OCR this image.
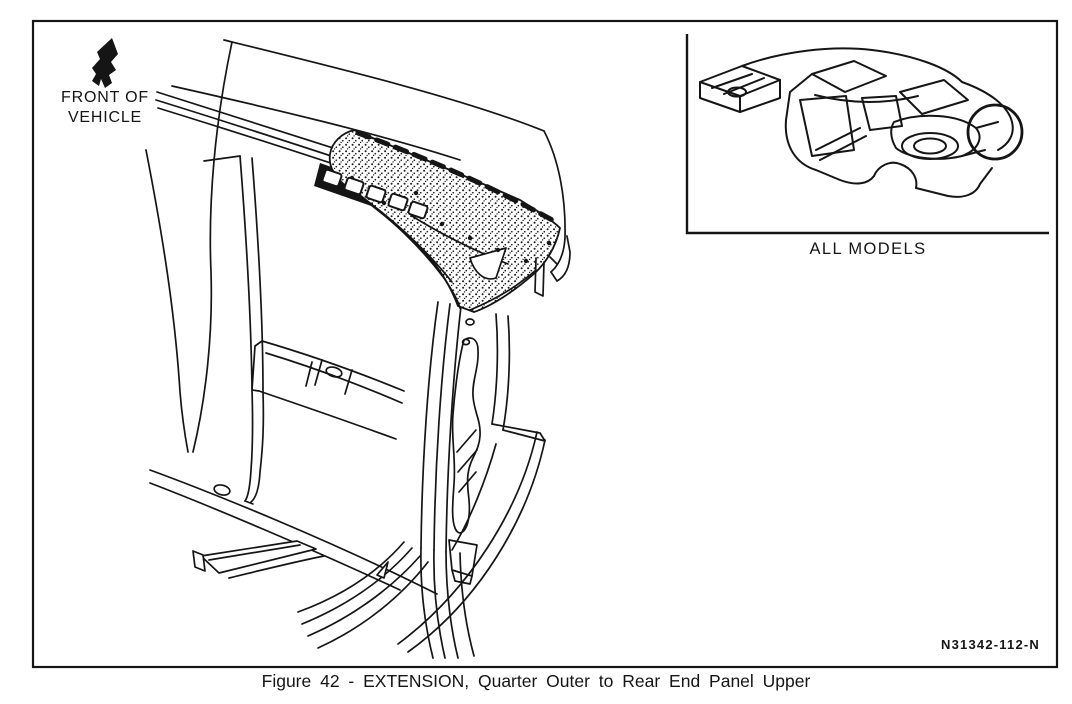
FRONT OF
VEHICLE
ALL MODELS
N31342-112-N
Figure 42 - EXTENSION, Quarter Outer to Rear End Panel Upper
